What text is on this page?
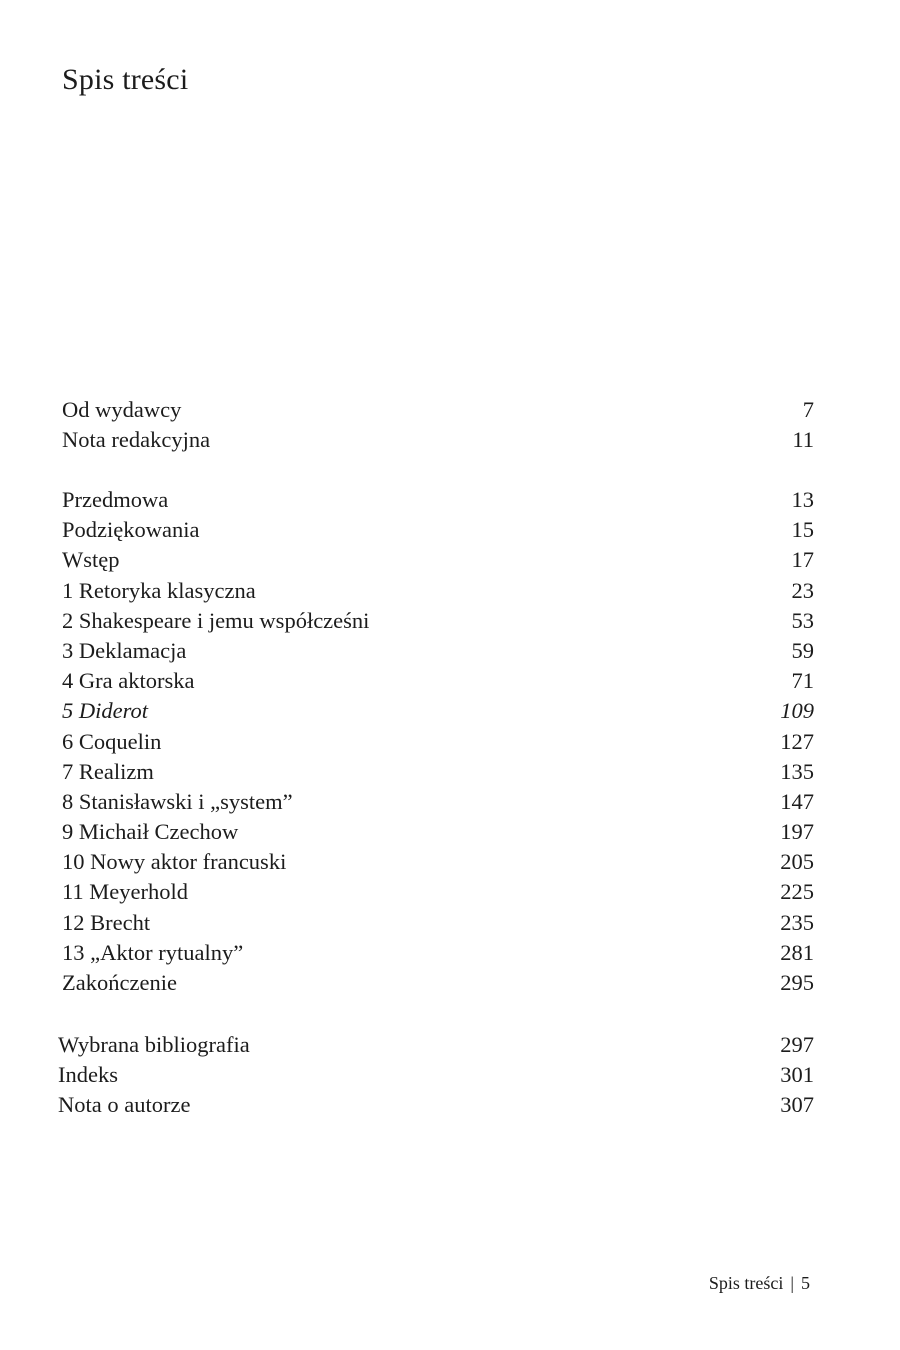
Spis treści
Od wydawcy	7
Nota redakcyjna	11
Przedmowa	13
Podziękowania	15
Wstęp	17
1 Retoryka klasyczna	23
2 Shakespeare i jemu współcześni	53
3 Deklamacja	59
4 Gra aktorska	71
5 Diderot	109
6 Coquelin	127
7 Realizm	135
8 Stanisławski i „system”	147
9 Michaił Czechow	197
10 Nowy aktor francuski	205
11 Meyerhold	225
12 Brecht	235
13 „Aktor rytualny”	281
Zakończenie	295
Wybrana bibliografia	297
Indeks	301
Nota o autorze	307
Spis treści | 5
